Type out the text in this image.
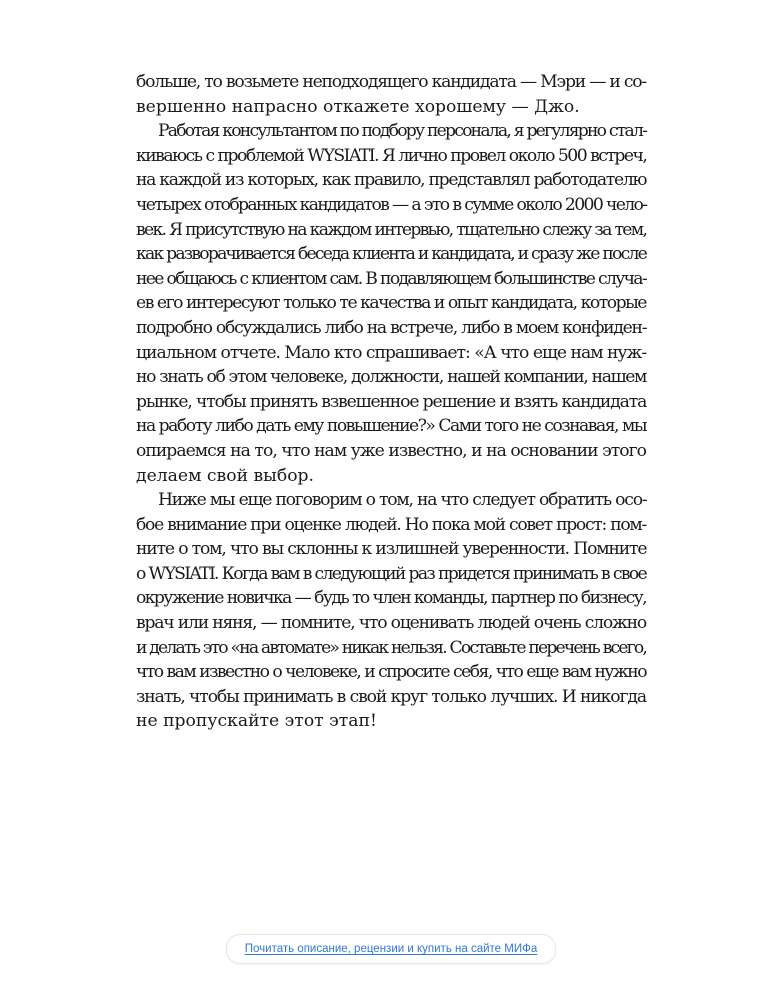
больше, то возьмете неподходящего кандидата — Мэри — и со-
вершенно напрасно откажете хорошему — Джо.
Работая консультантом по подбору персонала, я регулярно стал-
киваюсь с проблемой WYSIATI. Я лично провел около 500 встреч,
на каждой из которых, как правило, представлял работодателю
четырех отобранных кандидатов — а это в сумме около 2000 чело-
век. Я присутствую на каждом интервью, тщательно слежу за тем,
как разворачивается беседа клиента и кандидата, и сразу же после
нее общаюсь с клиентом сам. В подавляющем большинстве случа-
ев его интересуют только те качества и опыт кандидата, которые
подробно обсуждались либо на встрече, либо в моем конфиден-
циальном отчете. Мало кто спрашивает: «А что еще нам нуж-
но знать об этом человеке, должности, нашей компании, нашем
рынке, чтобы принять взвешенное решение и взять кандидата
на работу либо дать ему повышение?» Сами того не сознавая, мы
опираемся на то, что нам уже известно, и на основании этого
делаем свой выбор.
Ниже мы еще поговорим о том, на что следует обратить осо-
бое внимание при оценке людей. Но пока мой совет прост: пом-
ните о том, что вы склонны к излишней уверенности. Помните
о WYSIATI. Когда вам в следующий раз придется принимать в свое
окружение новичка — будь то член команды, партнер по бизнесу,
врач или няня, — помните, что оценивать людей очень сложно
и делать это «на автомате» никак нельзя. Составьте перечень всего,
что вам известно о человеке, и спросите себя, что еще вам нужно
знать, чтобы принимать в свой круг только лучших. И никогда
не пропускайте этот этап!
Почитать описание, рецензии и купить на сайте МИФа
